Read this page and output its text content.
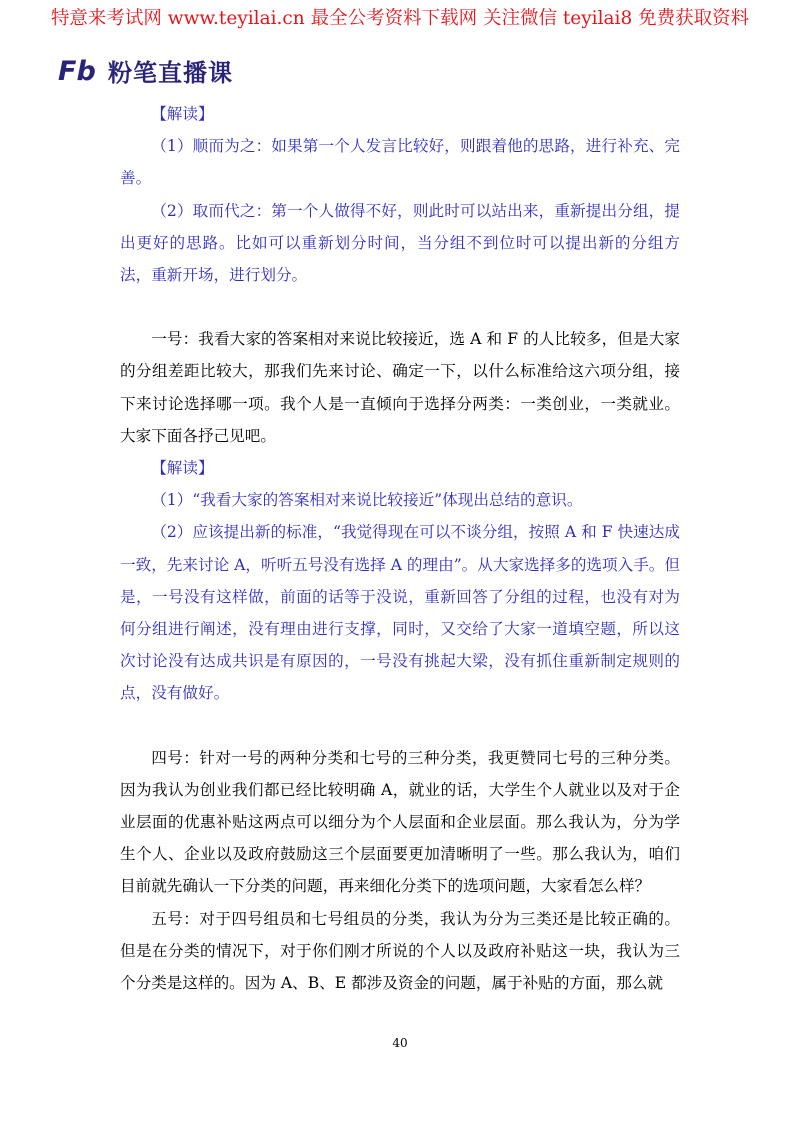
特意来考试网 www.teyilai.cn 最全公考资料下载网 关注微信 teyilai8 免费获取资料
Fb 粉笔直播课

【解读】

（1）顺而为之：如果第一个人发言比较好，则跟着他的思路，进行补充、完善。

（2）取而代之：第一个人做得不好，则此时可以站出来，重新提出分组，提出更好的思路。比如可以重新划分时间，当分组不到位时可以提出新的分组方法，重新开场，进行划分。

一号：我看大家的答案相对来说比较接近，选 A 和 F 的人比较多，但是大家的分组差距比较大，那我们先来讨论、确定一下，以什么标准给这六项分组，接下来讨论选择哪一项。我个人是一直倾向于选择分两类：一类创业，一类就业。大家下面各抒己见吧。

【解读】

（1）“我看大家的答案相对来说比较接近”体现出总结的意识。

（2）应该提出新的标准，“我觉得现在可以不谈分组，按照 A 和 F 快速达成一致，先来讨论 A，听听五号没有选择 A 的理由”。从大家选择多的选项入手。但是，一号没有这样做，前面的话等于没说，重新回答了分组的过程，也没有对为何分组进行阐述，没有理由进行支撑，同时，又交给了大家一道填空题，所以这次讨论没有达成共识是有原因的，一号没有挑起大梁，没有抓住重新制定规则的点，没有做好。

四号：针对一号的两种分类和七号的三种分类，我更赞同七号的三种分类。因为我认为创业我们都已经比较明确 A，就业的话，大学生个人就业以及对于企业层面的优惠补贴这两点可以细分为个人层面和企业层面。那么我认为，分为学生个人、企业以及政府鼓励这三个层面要更加清晰明了一些。那么我认为，咱们目前就先确认一下分类的问题，再来细化分类下的选项问题，大家看怎么样？

五号：对于四号组员和七号组员的分类，我认为分为三类还是比较正确的。但是在分类的情况下，对于你们刚才所说的个人以及政府补贴这一块，我认为三个分类是这样的。因为 A、B、E 都涉及资金的问题，属于补贴的方面，那么就

40
